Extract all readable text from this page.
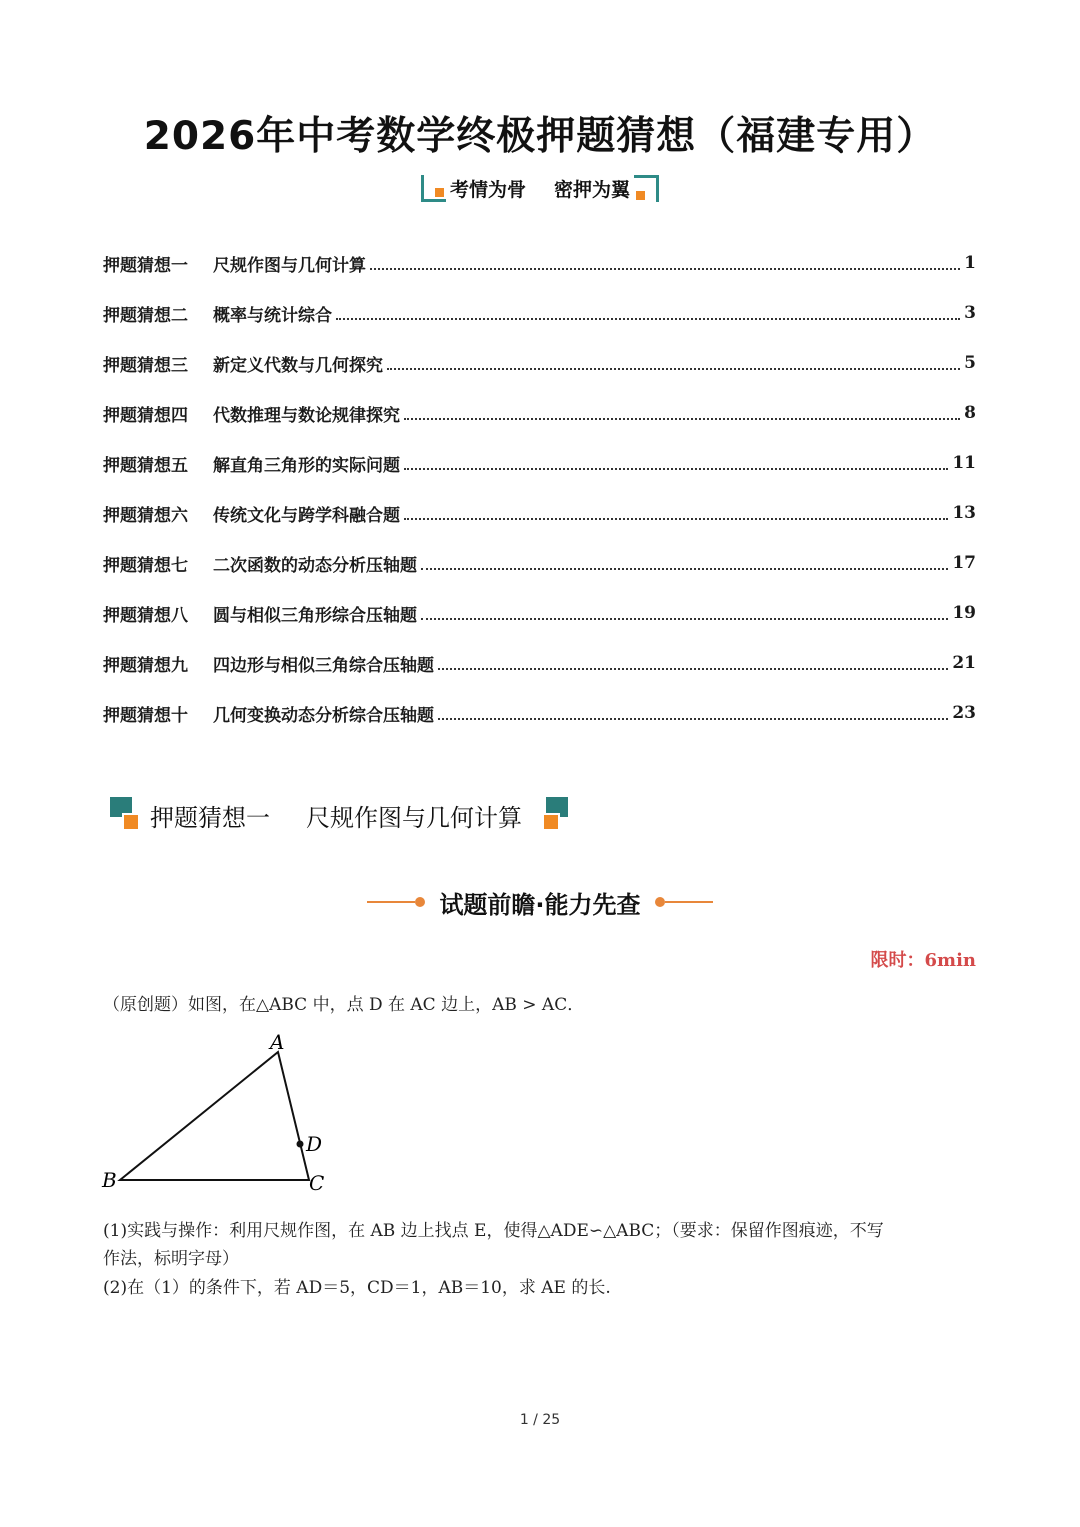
2026年中考数学终极押题猜想（福建专用）
考情为骨 密押为翼
押题猜想一	尺规作图与几何计算	1
押题猜想二	概率与统计综合	3
押题猜想三	新定义代数与几何探究	5
押题猜想四	代数推理与数论规律探究	8
押题猜想五	解直角三角形的实际问题	11
押题猜想六	传统文化与跨学科融合题	13
押题猜想七	二次函数的动态分析压轴题	17
押题猜想八	圆与相似三角形综合压轴题	19
押题猜想九	四边形与相似三角综合压轴题	21
押题猜想十	几何变换动态分析综合压轴题	23
押题猜想一 尺规作图与几何计算
试题前瞻·能力先查
限时：6min
（原创题）如图，在△ABC 中，点 D 在 AC 边上，AB > AC．
A
B	C
D
(1)实践与操作：利用尺规作图，在 AB 边上找点 E，使得△ADE∽△ABC；（要求：保留作图痕迹，不写
作法，标明字母）
(2)在（1）的条件下，若 AD＝5，CD＝1，AB＝10，求 AE 的长.
1 / 25
